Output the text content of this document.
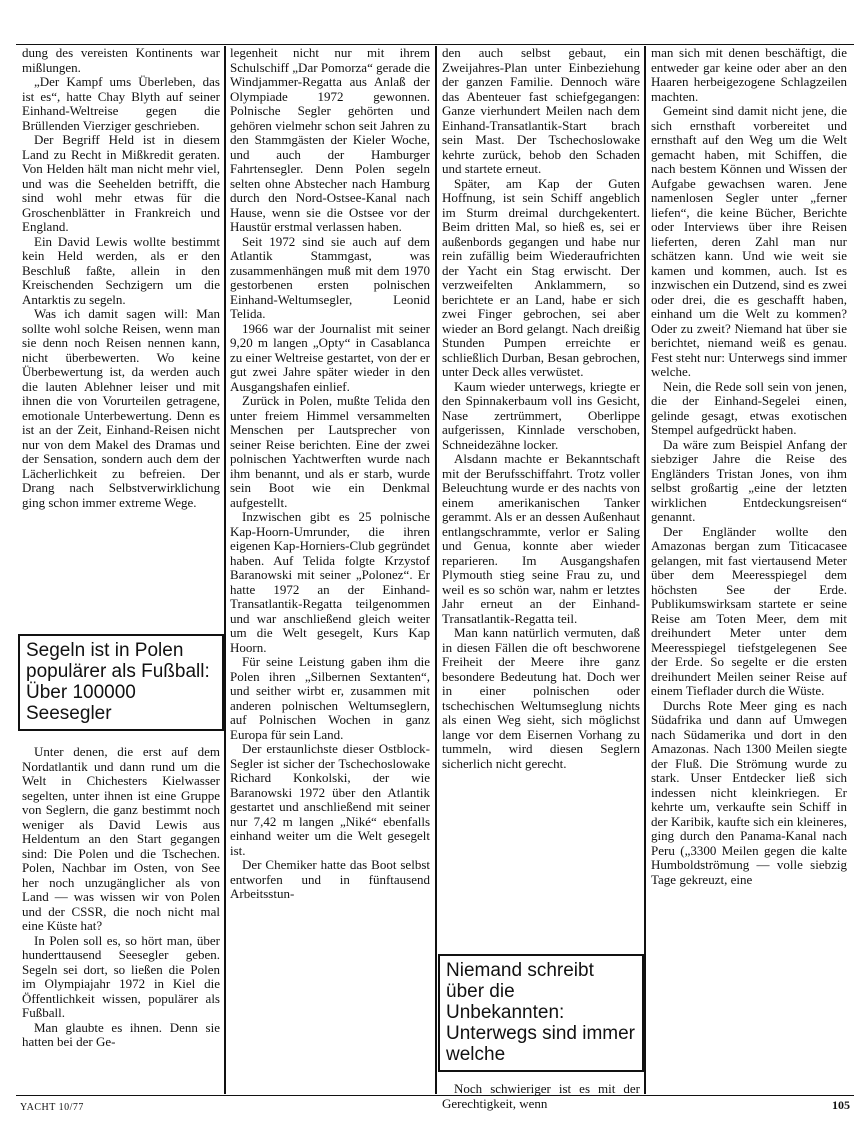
dung des vereisten Kontinents war mißlungen.

„Der Kampf ums Überleben, das ist es“, hatte Chay Blyth auf seiner Einhand-Weltreise gegen die Brüllenden Vierziger geschrieben.

Der Begriff Held ist in diesem Land zu Recht in Mißkredit geraten. Von Helden hält man nicht mehr viel, und was die Seehelden betrifft, die sind wohl mehr etwas für die Groschenblätter in Frankreich und England.

Ein David Lewis wollte bestimmt kein Held werden, als er den Beschluß faßte, allein in den Kreischenden Sechzigern um die Antarktis zu segeln.

Was ich damit sagen will: Man sollte wohl solche Reisen, wenn man sie denn noch Reisen nennen kann, nicht überbewerten. Wo keine Überbewertung ist, da werden auch die lauten Ablehner leiser und mit ihnen die von Vorurteilen getragene, emotionale Unterbewertung. Denn es ist an der Zeit, Einhand-Reisen nicht nur von dem Makel des Dramas und der Sensation, sondern auch dem der Lächerlichkeit zu befreien. Der Drang nach Selbstverwirklichung ging schon immer extreme Wege.

Segeln ist in Polen populärer als Fußball: Über 100000 Seesegler

Unter denen, die erst auf dem Nordatlantik und dann rund um die Welt in Chichesters Kielwasser segelten, unter ihnen ist eine Gruppe von Seglern, die ganz bestimmt noch weniger als David Lewis aus Heldentum an den Start gegangen sind: Die Polen und die Tschechen. Polen, Nachbar im Osten, von See her noch unzugänglicher als von Land — was wissen wir von Polen und der CSSR, die noch nicht mal eine Küste hat?

In Polen soll es, so hört man, über hunderttausend Seesegler geben. Segeln sei dort, so ließen die Polen im Olympiajahr 1972 in Kiel die Öffentlichkeit wissen, populärer als Fußball.

Man glaubte es ihnen. Denn sie hatten bei der Ge-

legenheit nicht nur mit ihrem Schulschiff „Dar Pomorza“ gerade die Windjammer-Regatta aus Anlaß der Olympiade 1972 gewonnen. Polnische Segler gehörten und gehören vielmehr schon seit Jahren zu den Stammgästen der Kieler Woche, und auch der Hamburger Fahrtensegler. Denn Polen segeln selten ohne Abstecher nach Hamburg durch den Nord-Ostsee-Kanal nach Hause, wenn sie die Ostsee vor der Haustür erstmal verlassen haben.

Seit 1972 sind sie auch auf dem Atlantik Stammgast, was zusammenhängen muß mit dem 1970 gestorbenen ersten polnischen Einhand-Weltumsegler, Leonid Telida.

1966 war der Journalist mit seiner 9,20 m langen „Opty“ in Casablanca zu einer Weltreise gestartet, von der er gut zwei Jahre später wieder in den Ausgangshafen einlief.

Zurück in Polen, mußte Telida den unter freiem Himmel versammelten Menschen per Lautsprecher von seiner Reise berichten. Eine der zwei polnischen Yachtwerften wurde nach ihm benannt, und als er starb, wurde sein Boot wie ein Denkmal aufgestellt.

Inzwischen gibt es 25 polnische Kap-Hoorn-Umrunder, die ihren eigenen Kap-Horniers-Club gegründet haben. Auf Telida folgte Krzystof Baranowski mit seiner „Polonez“. Er hatte 1972 an der Einhand-Transatlantik-Regatta teilgenommen und war anschließend gleich weiter um die Welt gesegelt, Kurs Kap Hoorn.

Für seine Leistung gaben ihm die Polen ihren „Silbernen Sextanten“, und seither wirbt er, zusammen mit anderen polnischen Weltumseglern, auf Polnischen Wochen in ganz Europa für sein Land.

Der erstaunlichste dieser Ostblock-Segler ist sicher der Tschechoslowake Richard Konkolski, der wie Baranowski 1972 über den Atlantik gestartet und anschließend mit seiner nur 7,42 m langen „Niké“ ebenfalls einhand weiter um die Welt gesegelt ist.

Der Chemiker hatte das Boot selbst entworfen und in fünftausend Arbeitsstun-

den auch selbst gebaut, ein Zweijahres-Plan unter Einbeziehung der ganzen Familie. Dennoch wäre das Abenteuer fast schiefgegangen: Ganze vierhundert Meilen nach dem Einhand-Transatlantik-Start brach sein Mast. Der Tschechoslowake kehrte zurück, behob den Schaden und startete erneut.

Später, am Kap der Guten Hoffnung, ist sein Schiff angeblich im Sturm dreimal durchgekentert. Beim dritten Mal, so hieß es, sei er außenbords gegangen und habe nur rein zufällig beim Wiederaufrichten der Yacht ein Stag erwischt. Der verzweifelten Anklammern, so berichtete er an Land, habe er sich zwei Finger gebrochen, sei aber wieder an Bord gelangt. Nach dreißig Stunden Pumpen erreichte er schließlich Durban, Besan gebrochen, unter Deck alles verwüstet.

Kaum wieder unterwegs, kriegte er den Spinnakerbaum voll ins Gesicht, Nase zertrümmert, Oberlippe aufgerissen, Kinnlade verschoben, Schneidezähne locker.

Alsdann machte er Bekanntschaft mit der Berufsschiffahrt. Trotz voller Beleuchtung wurde er des nachts von einem amerikanischen Tanker gerammt. Als er an dessen Außenhaut entlangschrammte, verlor er Saling und Genua, konnte aber wieder reparieren. Im Ausgangshafen Plymouth stieg seine Frau zu, und weil es so schön war, nahm er letztes Jahr erneut an der Einhand-Transatlantik-Regatta teil.

Man kann natürlich vermuten, daß in diesen Fällen die oft beschworene Freiheit der Meere ihre ganz besondere Bedeutung hat. Doch wer in einer polnischen oder tschechischen Weltumseglung nichts als einen Weg sieht, sich möglichst lange vor dem Eisernen Vorhang zu tummeln, wird diesen Seglern sicherlich nicht gerecht.

Niemand schreibt über die Unbekannten: Unterwegs sind immer welche

Noch schwieriger ist es mit der Gerechtigkeit, wenn

man sich mit denen beschäftigt, die entweder gar keine oder aber an den Haaren herbeigezogene Schlagzeilen machten.

Gemeint sind damit nicht jene, die sich ernsthaft vorbereitet und ernsthaft auf den Weg um die Welt gemacht haben, mit Schiffen, die nach bestem Können und Wissen der Aufgabe gewachsen waren. Jene namenlosen Segler unter „ferner liefen“, die keine Bücher, Berichte oder Interviews über ihre Reisen lieferten, deren Zahl man nur schätzen kann. Und wie weit sie kamen und kommen, auch. Ist es inzwischen ein Dutzend, sind es zwei oder drei, die es geschafft haben, einhand um die Welt zu kommen? Oder zu zweit? Niemand hat über sie berichtet, niemand weiß es genau. Fest steht nur: Unterwegs sind immer welche.

Nein, die Rede soll sein von jenen, die der Einhand-Segelei einen, gelinde gesagt, etwas exotischen Stempel aufgedrückt haben.

Da wäre zum Beispiel Anfang der siebziger Jahre die Reise des Engländers Tristan Jones, von ihm selbst großartig „eine der letzten wirklichen Entdeckungsreisen“ genannt.

Der Engländer wollte den Amazonas bergan zum Titicacasee gelangen, mit fast viertausend Meter über dem Meeresspiegel dem höchsten See der Erde. Publikumswirksam startete er seine Reise am Toten Meer, dem mit dreihundert Meter unter dem Meeresspiegel tiefstgelegenen See der Erde. So segelte er die ersten dreihundert Meilen seiner Reise auf einem Tieflader durch die Wüste.

Durchs Rote Meer ging es nach Südafrika und dann auf Umwegen nach Südamerika und dort in den Amazonas. Nach 1300 Meilen siegte der Fluß. Die Strömung wurde zu stark. Unser Entdecker ließ sich indessen nicht kleinkriegen. Er kehrte um, verkaufte sein Schiff in der Karibik, kaufte sich ein kleineres, ging durch den Panama-Kanal nach Peru („3300 Meilen gegen die kalte Humboldströmung — volle siebzig Tage gekreuzt, eine

YACHT 10/77	105
